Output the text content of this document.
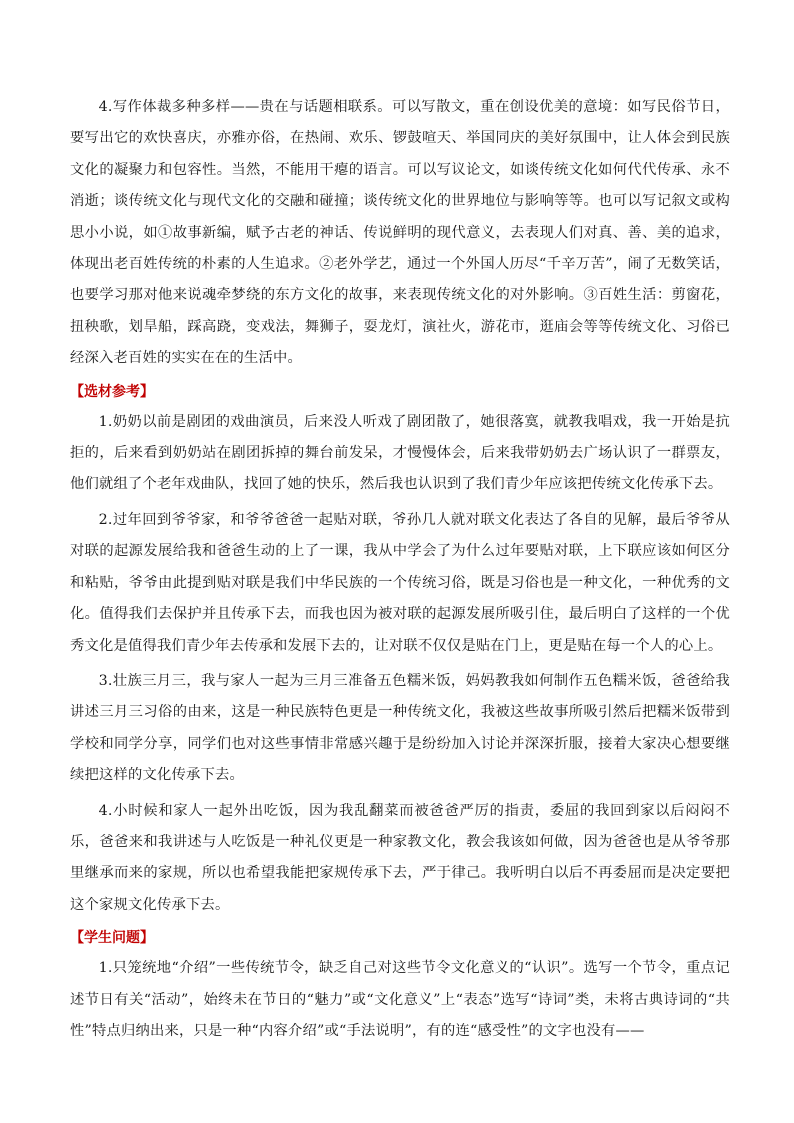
4.写作体裁多种多样——贵在与话题相联系。可以写散文，重在创设优美的意境：如写民俗节日，要写出它的欢快喜庆，亦雅亦俗，在热闹、欢乐、锣鼓喧天、举国同庆的美好氛围中，让人体会到民族文化的凝聚力和包容性。当然，不能用干瘪的语言。可以写议论文，如谈传统文化如何代代传承、永不消逝；谈传统文化与现代文化的交融和碰撞；谈传统文化的世界地位与影响等等。也可以写记叙文或构思小小说，如①故事新编，赋予古老的神话、传说鲜明的现代意义，去表现人们对真、善、美的追求，体现出老百姓传统的朴素的人生追求。②老外学艺，通过一个外国人历尽“千辛万苦”，闹了无数笑话，也要学习那对他来说魂牵梦绕的东方文化的故事，来表现传统文化的对外影响。③百姓生活：剪窗花，扭秧歌，划旱船，踩高跷，变戏法，舞狮子，耍龙灯，演社火，游花市，逛庙会等等传统文化、习俗已经深入老百姓的实实在在的生活中。

【选材参考】

1.奶奶以前是剧团的戏曲演员，后来没人听戏了剧团散了，她很落寞，就教我唱戏，我一开始是抗拒的，后来看到奶奶站在剧团拆掉的舞台前发呆，才慢慢体会，后来我带奶奶去广场认识了一群票友，他们就组了个老年戏曲队，找回了她的快乐，然后我也认识到了我们青少年应该把传统文化传承下去。

2.过年回到爷爷家，和爷爷爸爸一起贴对联，爷孙几人就对联文化表达了各自的见解，最后爷爷从对联的起源发展给我和爸爸生动的上了一课，我从中学会了为什么过年要贴对联，上下联应该如何区分和粘贴，爷爷由此提到贴对联是我们中华民族的一个传统习俗，既是习俗也是一种文化，一种优秀的文化。值得我们去保护并且传承下去，而我也因为被对联的起源发展所吸引住，最后明白了这样的一个优秀文化是值得我们青少年去传承和发展下去的，让对联不仅仅是贴在门上，更是贴在每一个人的心上。

3.壮族三月三，我与家人一起为三月三准备五色糯米饭，妈妈教我如何制作五色糯米饭，爸爸给我讲述三月三习俗的由来，这是一种民族特色更是一种传统文化，我被这些故事所吸引然后把糯米饭带到学校和同学分享，同学们也对这些事情非常感兴趣于是纷纷加入讨论并深深折服，接着大家决心想要继续把这样的文化传承下去。

4.小时候和家人一起外出吃饭，因为我乱翻菜而被爸爸严厉的指责，委屈的我回到家以后闷闷不乐，爸爸来和我讲述与人吃饭是一种礼仪更是一种家教文化，教会我该如何做，因为爸爸也是从爷爷那里继承而来的家规，所以也希望我能把家规传承下去，严于律己。我听明白以后不再委屈而是决定要把这个家规文化传承下去。

【学生问题】

1.只笼统地“介绍”一些传统节令，缺乏自己对这些节令文化意义的“认识”。选写一个节令，重点记述节日有关“活动”，始终未在节日的“魅力”或“文化意义”上“表态”选写“诗词”类，未将古典诗词的“共性”特点归纳出来，只是一种“内容介绍”或“手法说明”，有的连“感受性”的文字也没有——
